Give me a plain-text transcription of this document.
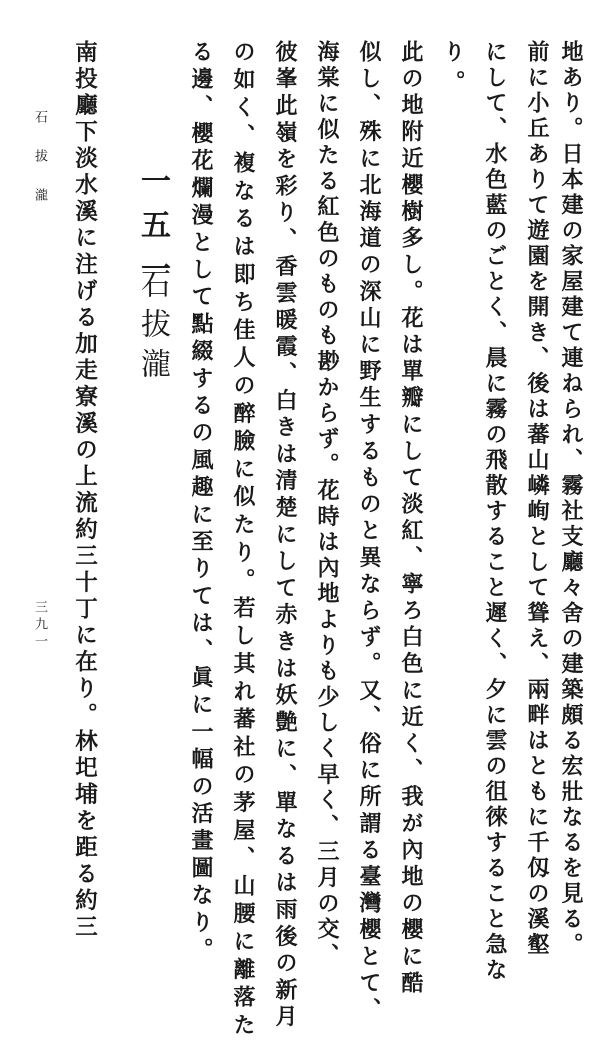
地あり。日本建の家屋建て連ねられ、霧社支廳々舍の建築頗る宏壯なるを見る。
前に小丘ありて遊園を開き、後は蕃山嶙峋として聳え、兩畔はともに千仭の溪壑
にして、水色藍のごとく、晨に霧の飛散すること遲く、夕に雲の徂徠すること急な
り。
此の地附近櫻樹多し。花は單瓣にして淡紅、寧ろ白色に近く、我が內地の櫻に酷
似し、殊に北海道の深山に野生するものと異ならず。又、俗に所謂る臺灣櫻とて、
海棠に似たる紅色のものも尠からず。花時は內地よりも少しく早く、三月の交、
彼峯此嶺を彩り、香雲暖霞、白きは清楚にして赤きは妖艶に、單なるは雨後の新月
の如く、複なるは即ち佳人の醉臉に似たり。若し其れ蕃社の茅屋、山腰に離落た
る邊、櫻花爛漫として點綴するの風趣に至りては、眞に一幅の活畫圖なり。
一五一
石拔瀧
南投廳下淡水溪に注げる加走寮溪の上流約三十丁に在り。林圯埔を距る約三
石拔瀧
三九一
